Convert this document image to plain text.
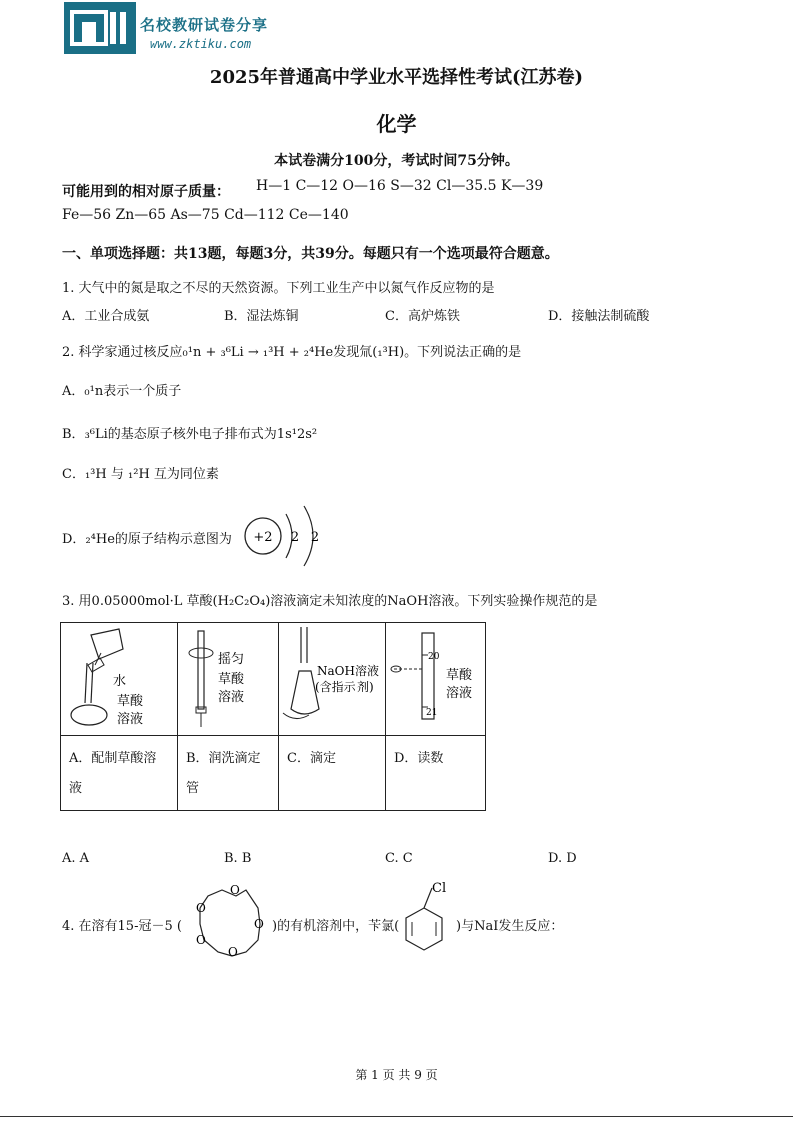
名校教研试卷分享
www.zktiku.com
2025年普通高中学业水平选择性考试(江苏卷)
化学
本试卷满分100分，考试时间75分钟。
可能用到的相对原子质量： H—1 C—12 O—16 S—32 Cl—35.5 K—39
Fe—56 Zn—65 As—75 Cd—112 Ce—140
一、单项选择题：共13题，每题3分，共39分。每题只有一个选项最符合题意。
1. 大气中的氮是取之不尽的天然资源。下列工业生产中以氮气作反应物的是
A．工业合成氨	B．湿法炼铜	C．高炉炼铁	D．接触法制硫酸
2. 科学家通过核反应₀¹n + ₃⁶Li → ₁³H + ₂⁴He发现氚(₁³H)。下列说法正确的是
A．₀¹n表示一个质子
B．₃⁶Li的基态原子核外电子排布式为1s¹2s²
C．₁³H 与 ₁²H 互为同位素
D．₂⁴He的原子结构示意图为 +2 2 2
3. 用0.05000mol·L 草酸(H₂C₂O₄)溶液滴定未知浓度的NaOH溶液。下列实验操作规范的是
水
草酸
溶液	摇匀
草酸
溶液	NaOH溶液
(含指示 剂)	20
21
草酸
溶液

A．配制草酸溶液	B．润洗滴定管	C．滴定	D．读数
A. A	B. B	C. C	D. D
4. 在溶有15-冠－5 (
O
O
O
O
O
)的有机溶剂中，苄氯(
Cl
)与NaI发生反应：
第 1 页 共 9 页
